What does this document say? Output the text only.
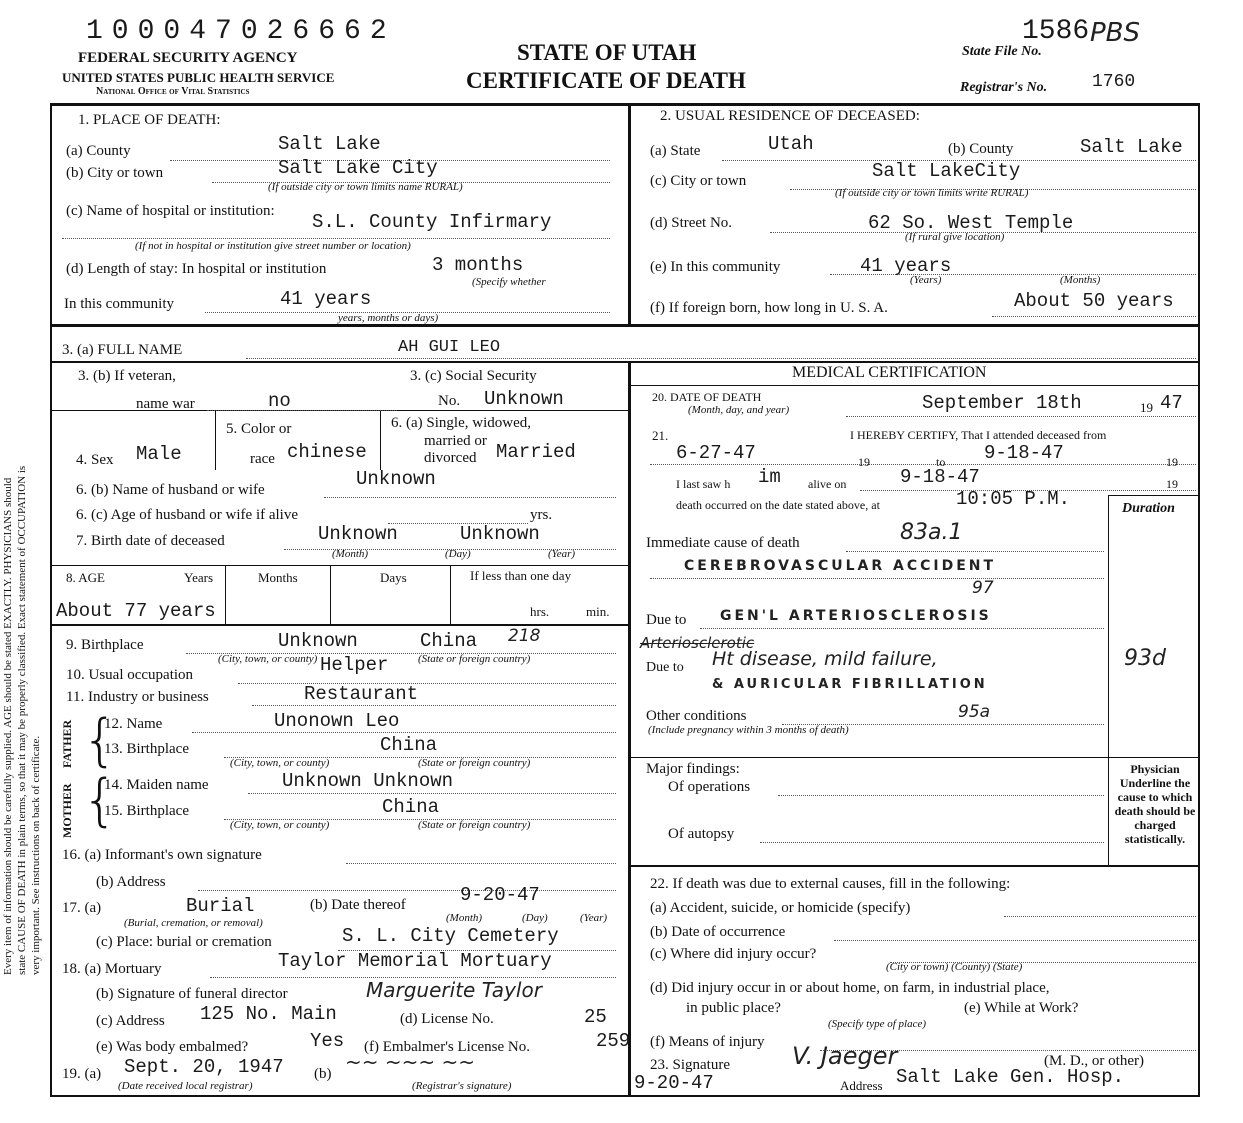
100047026662
FEDERAL SECURITY AGENCY
UNITED STATES PUBLIC HEALTH SERVICE
National Office of Vital Statistics
STATE OF UTAH
CERTIFICATE OF DEATH
State File No.
1586 PBS
Registrar's No. 1760
Every item of information should be carefully supplied. AGE should be stated EXACTLY. PHYSICIANS should state CAUSE OF DEATH in plain terms, so that it may be properly classified. Exact statement of OCCUPATION is very important. See instructions on back of certificate.
1. PLACE OF DEATH:
(a) County	Salt Lake
(b) City or town	Salt Lake City
(If outside city or town limits name RURAL)
(c) Name of hospital or institution: S.L. County Infirmary
(If not in hospital or institution give street number or location)
(d) Length of stay: In hospital or institution	3 months
(Specify whether
In this community	41 years
years, months or days)
2. USUAL RESIDENCE OF DECEASED:
(a) State	Utah	(b) County	Salt Lake
(c) City or town	Salt LakeCity
(If outside city or town limits write RURAL)
(d) Street No.	62 So. West Temple
(If rural give location)
(e) In this community	41 years
(Years)	(Months)
(f) If foreign born, how long in U. S. A.	About 50 years
3. (a) FULL NAME	AH GUI LEO
3. (b) If veteran,
name war	no
3. (c) Social Security
No. Unknown
4. Sex Male
5. Color or
race chinese
6. (a) Single, widowed,
married or
divorced Married
6. (b) Name of husband or wife	Unknown
6. (c) Age of husband or wife if alive	yrs.
7. Birth date of deceased	Unknown	Unknown
(Month)	(Day)	(Year)
8. AGE	Years	Months	Days	If less than one day
About 77 years	hrs.	min.
9. Birthplace	Unknown	China 218
(City, town, or county)	(State or foreign country)
10. Usual occupation	Helper
11. Industry or business	Restaurant
FATHER
MOTHER
{
{
12. Name	Unonown Leo
13. Birthplace	China
(City, town, or county)	(State or foreign country)
14. Maiden name	Unknown Unknown
15. Birthplace	China
(City, town, or county)	(State or foreign country)
16. (a) Informant's own signature
(b) Address
17. (a)	Burial
(Burial, cremation, or removal)
(b) Date thereof	9-20-47
(Month)	(Day)	(Year)
(c) Place: burial or cremation	S. L. City Cemetery
18. (a) Mortuary	Taylor Memorial Mortuary
(b) Signature of funeral director	Marguerite Taylor
(c) Address 125 No. Main	(d) License No.	25
(e) Was body embalmed?	Yes (f) Embalmer's License No.	259
19. (a) Sept. 20, 1947
(Date received local registrar)
(b) ~~ ~~~ ~~
(Registrar's signature)
MEDICAL CERTIFICATION
20. DATE OF DEATH
(Month, day, and year)	September 18th	19 47
21.	I HEREBY CERTIFY, That I attended deceased from
6-27-47	19	to 9-18-47	19
I last saw h im alive on	9-18-47	19
death occurred on the date stated above, at	10:05 P.M.	Duration
Immediate cause of death	83a.1
CEREBROVASCULAR ACCIDENT
97
Due to GEN'L ARTERIOSCLEROSIS
Arteriosclerotic
Due to Ht disease, mild failure,	93d
& AURICULAR FIBRILLATION
Other conditions	95a
(Include pregnancy within 3 months of death)
Major findings:
Of operations
Of autopsy
Physician Underline the cause to which death should be charged statistically.
22. If death was due to external causes, fill in the following:
(a) Accident, suicide, or homicide (specify)
(b) Date of occurrence
(c) Where did injury occur?
(City or town) (County) (State)
(d) Did injury occur in or about home, on farm, in industrial place,
in public place?
(Specify type of place)
(e) While at Work?
(f) Means of injury
23. Signature	V. Jaeger	(M. D., or other)
9-20-47	Address Salt Lake Gen. Hosp.
